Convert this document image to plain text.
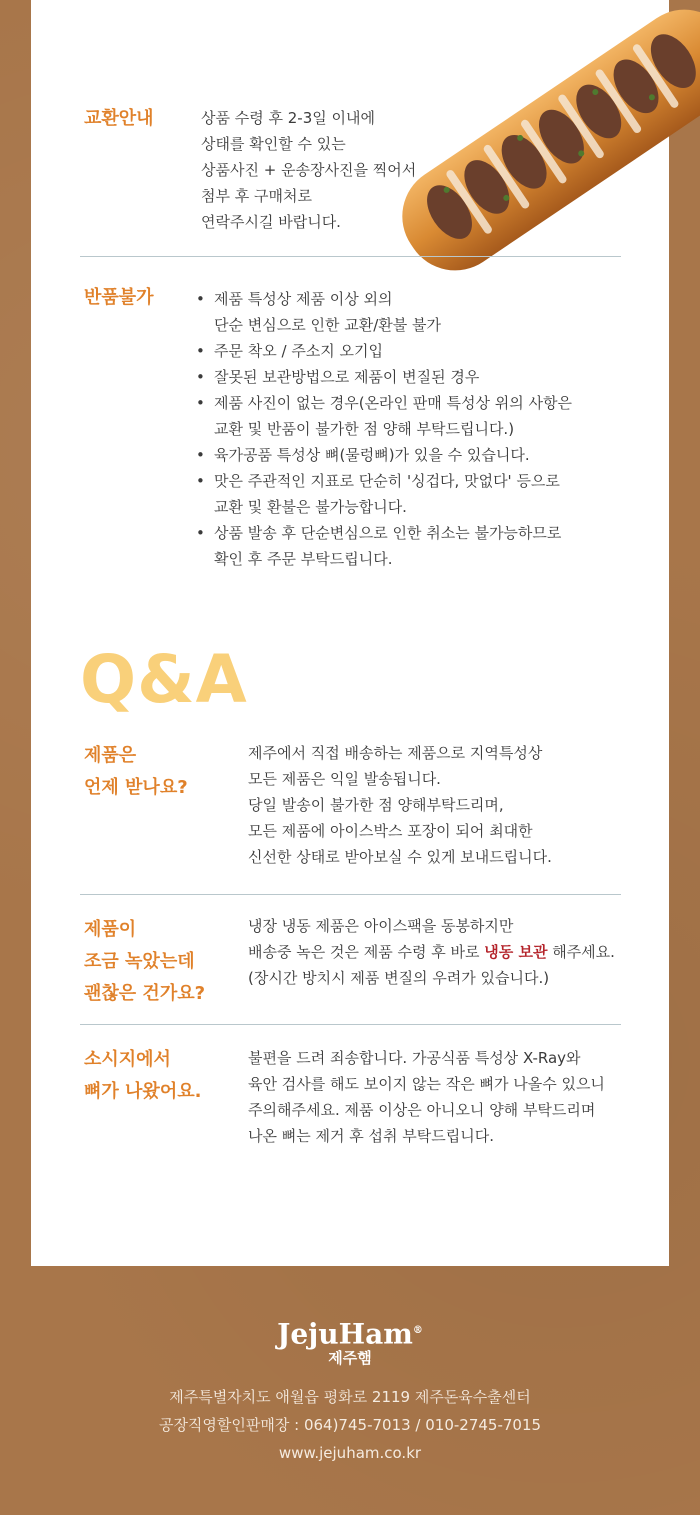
교환안내	상품 수령 후 2-3일 이내에
상태를 확인할 수 있는
상품사진 + 운송장사진을 찍어서
첨부 후 구매처로
연락주시길 바랍니다.
반품불가
•	제품 특성상 제품 이상 외의
단순 변심으로 인한 교환/환불 불가
• 주문 착오 / 주소지 오기입
• 잘못된 보관방법으로 제품이 변질된 경우
• 제품 사진이 없는 경우(온라인 판매 특성상 위의 사항은
교환 및 반품이 불가한 점 양해 부탁드립니다.)
• 육가공품 특성상 뼈(물렁뼈)가 있을 수 있습니다.
• 맛은 주관적인 지표로 단순히 '싱겁다, 맛없다' 등으로
교환 및 환불은 불가능합니다.
• 상품 발송 후 단순변심으로 인한 취소는 불가능하므로
확인 후 주문 부탁드립니다.
Q&A
제품은
언제 받나요?
제주에서 직접 배송하는 제품으로 지역특성상
모든 제품은 익일 발송됩니다.
당일 발송이 불가한 점 양해부탁드리며,
모든 제품에 아이스박스 포장이 되어 최대한
신선한 상태로 받아보실 수 있게 보내드립니다.
제품이
조금 녹았는데
괜찮은 건가요?
냉장 냉동 제품은 아이스팩을 동봉하지만
배송중 녹은 것은 제품 수령 후 바로 냉동 보관 해주세요.
(장시간 방치시 제품 변질의 우려가 있습니다.)
소시지에서
뼈가 나왔어요.
불편을 드려 죄송합니다. 가공식품 특성상 X-Ray와
육안 검사를 해도 보이지 않는 작은 뼈가 나올수 있으니
주의해주세요. 제품 이상은 아니오니 양해 부탁드리며
나온 뼈는 제거 후 섭취 부탁드립니다.
JejuHam®
제주햄
제주특별자치도 애월읍 평화로 2119 제주돈육수출센터
공장직영할인판매장 : 064)745-7013 / 010-2745-7015
www.jejuham.co.kr
